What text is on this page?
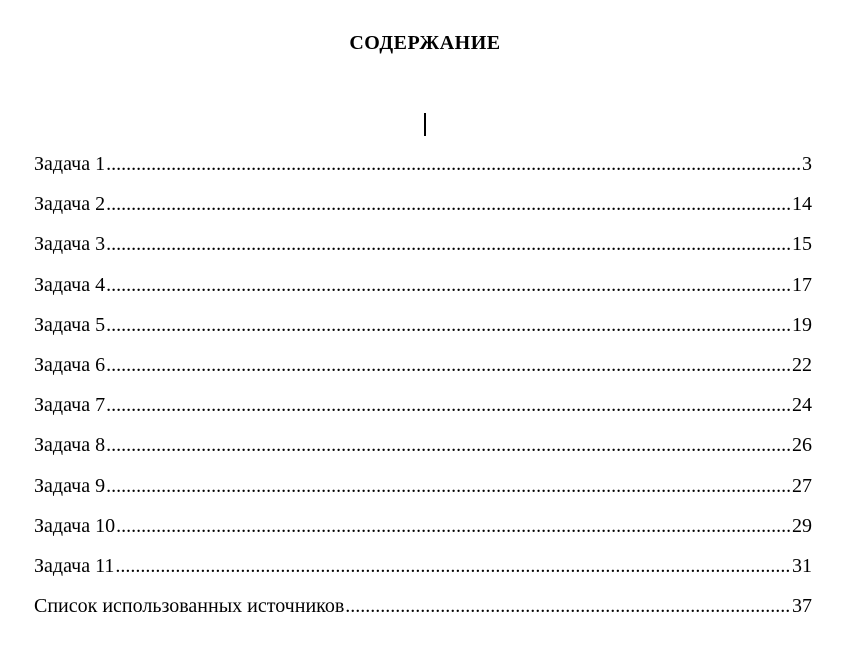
СОДЕРЖАНИЕ
Задача 1 .....	3
Задача 2 .....	14
Задача 3 .....	15
Задача 4 .....	17
Задача 5 .....	19
Задача 6 .....	22
Задача 7 .....	24
Задача 8 .....	26
Задача 9 .....	27
Задача 10 .....	29
Задача 11 .....	31
Список использованных источников .....	37
